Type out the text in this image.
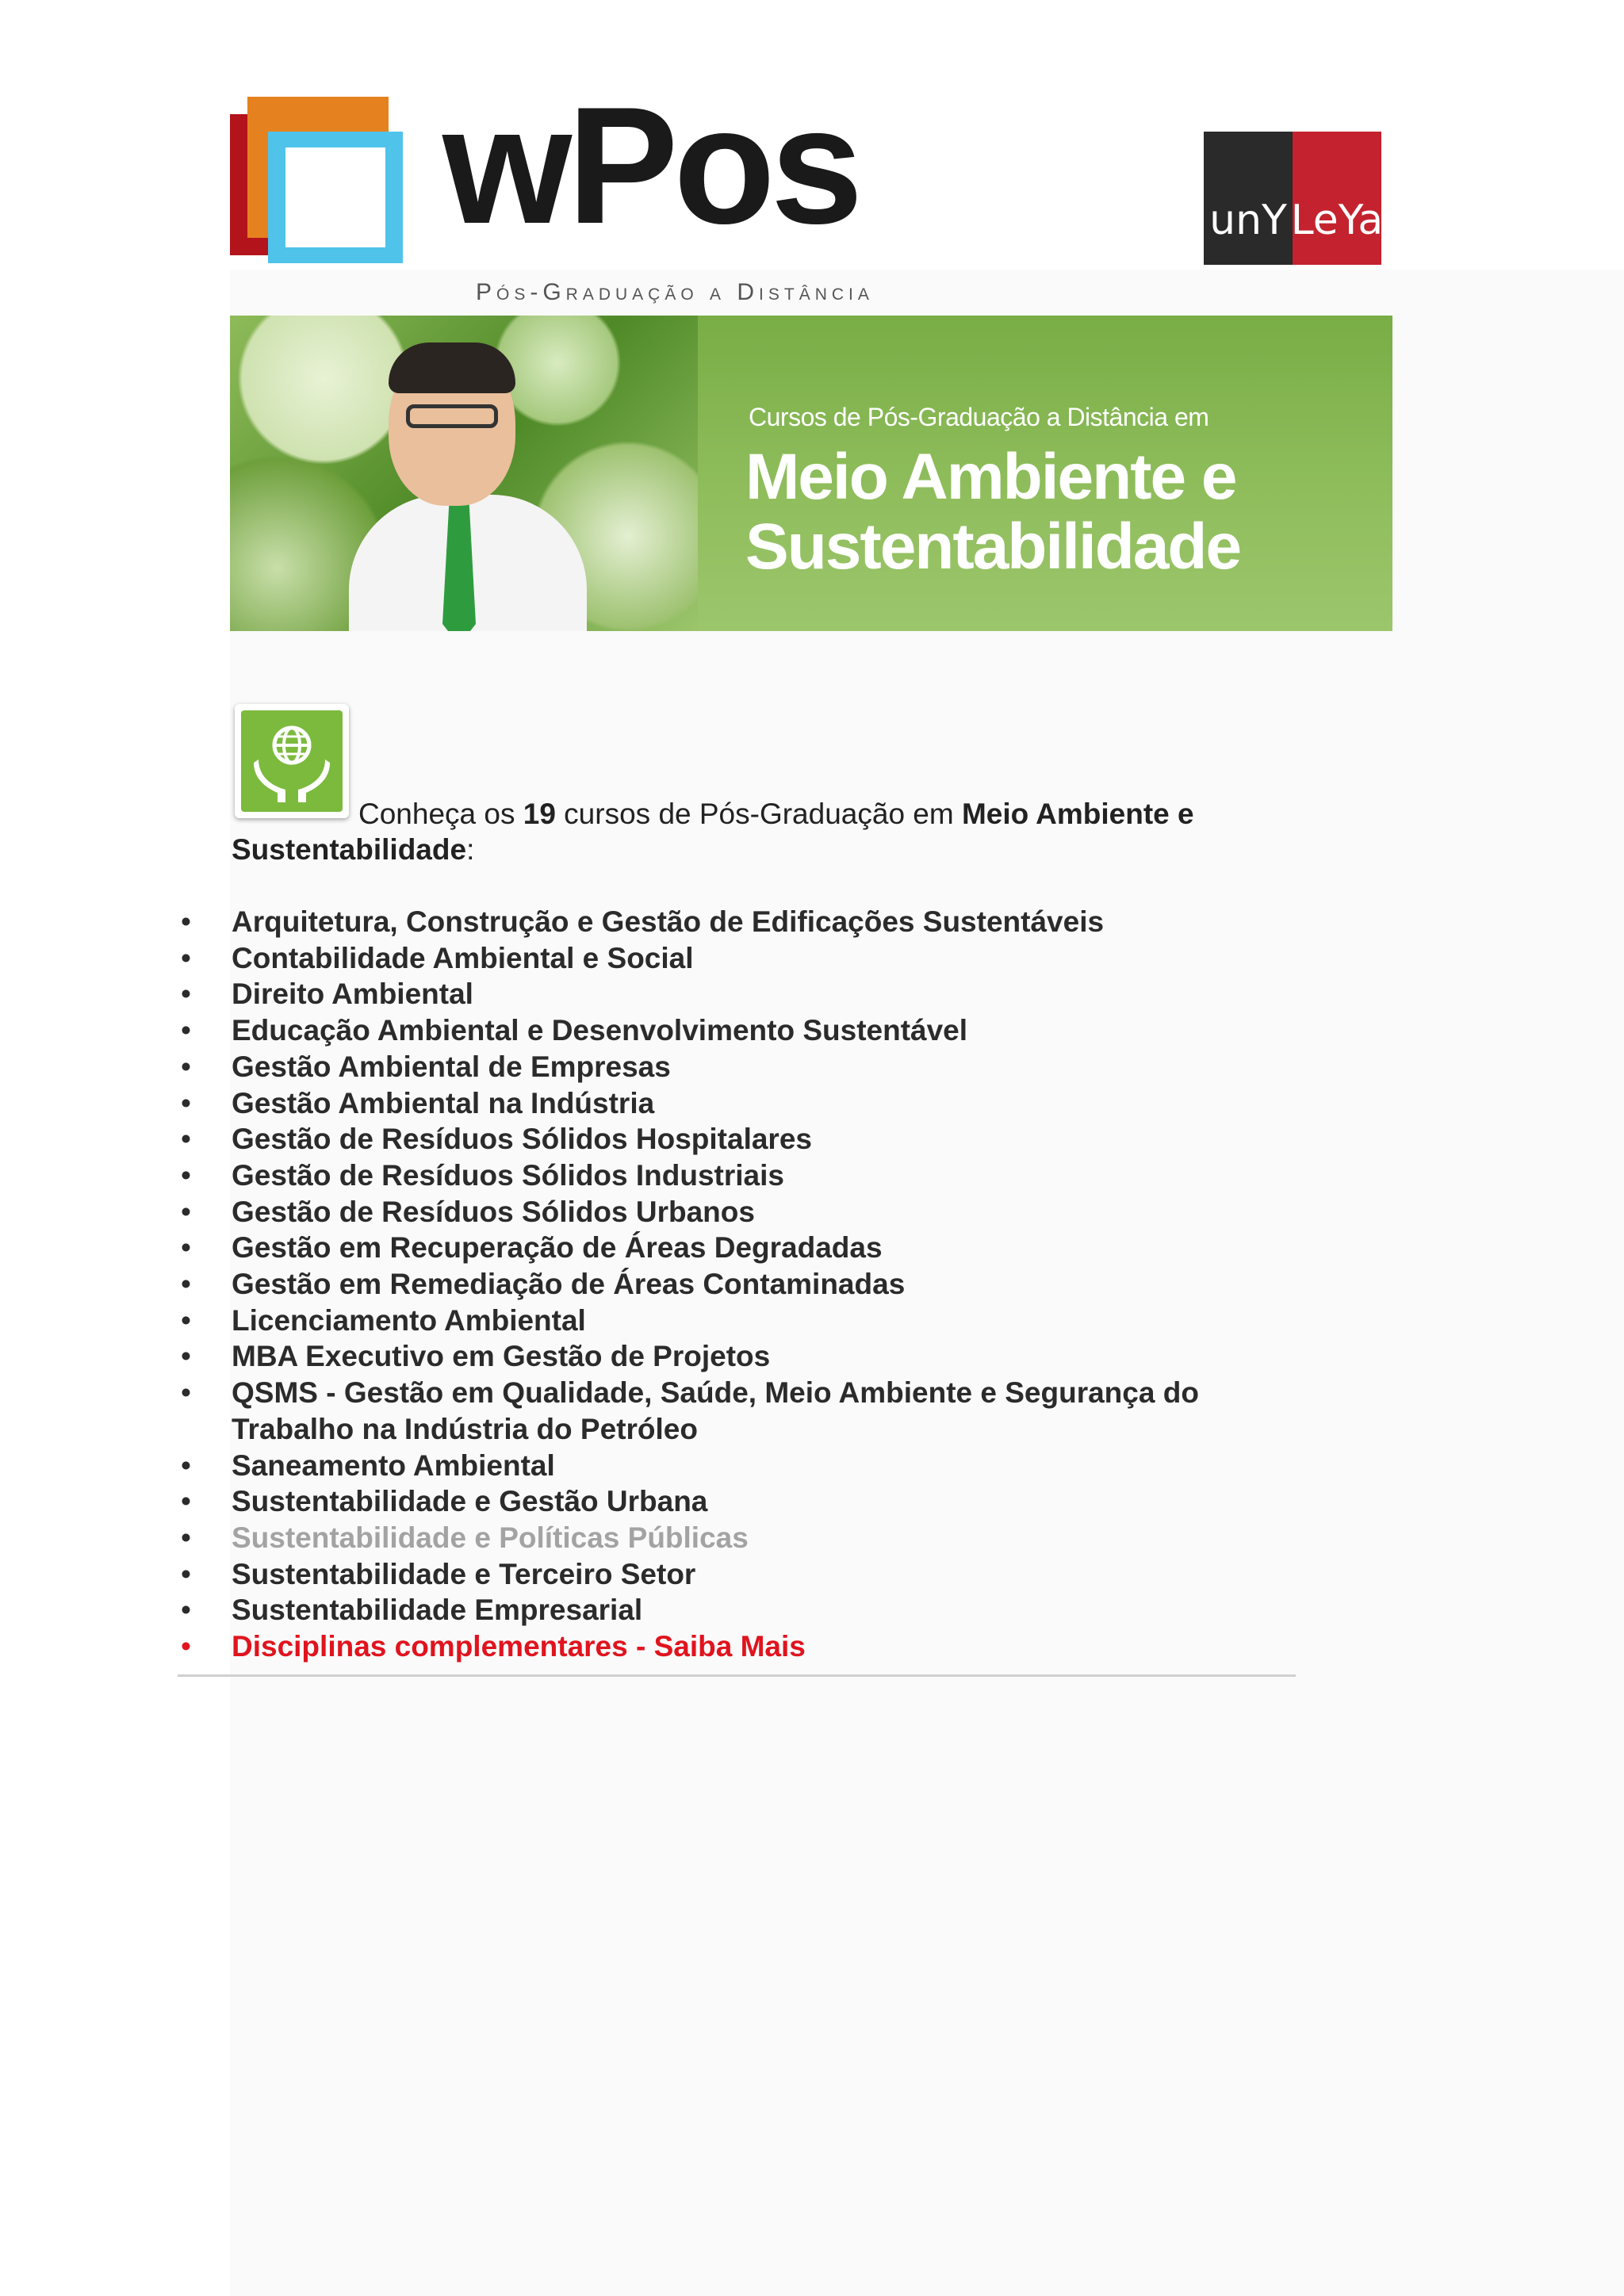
wPos
Pós-Graduação a Distância
unY LeYa
Cursos de Pós-Graduação a Distância em
Meio Ambiente e
Sustentabilidade
Conheça os 19 cursos de Pós-Graduação em Meio Ambiente e
Sustentabilidade:
• Arquitetura, Construção e Gestão de Edificações Sustentáveis
• Contabilidade Ambiental e Social
• Direito Ambiental
• Educação Ambiental e Desenvolvimento Sustentável
• Gestão Ambiental de Empresas
• Gestão Ambiental na Indústria
• Gestão de Resíduos Sólidos Hospitalares
• Gestão de Resíduos Sólidos Industriais
• Gestão de Resíduos Sólidos Urbanos
• Gestão em Recuperação de Áreas Degradadas
• Gestão em Remediação de Áreas Contaminadas
• Licenciamento Ambiental
• MBA Executivo em Gestão de Projetos
• QSMS - Gestão em Qualidade, Saúde, Meio Ambiente e Segurança do Trabalho na Indústria do Petróleo
• Saneamento Ambiental
• Sustentabilidade e Gestão Urbana
• Sustentabilidade e Políticas Públicas
• Sustentabilidade e Terceiro Setor
• Sustentabilidade Empresarial
• Disciplinas complementares - Saiba Mais
